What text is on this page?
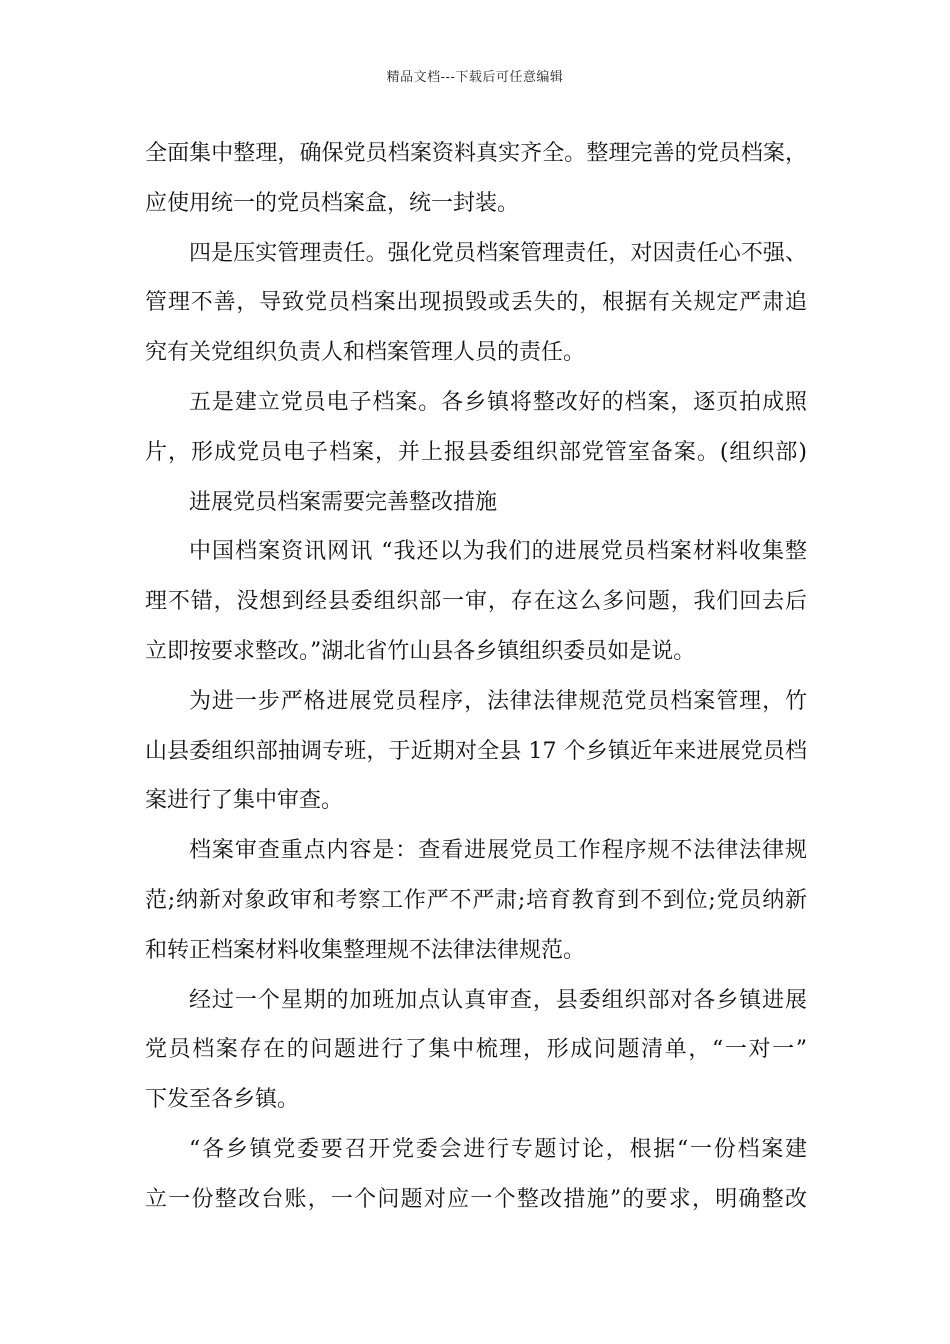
精品文档---下载后可任意编辑
全面集中整理，确保党员档案资料真实齐全。整理完善的党员档案，
应使用统一的党员档案盒，统一封装。
四是压实管理责任。强化党员档案管理责任，对因责任心不强、
管理不善，导致党员档案出现损毁或丢失的，根据有关规定严肃追
究有关党组织负责人和档案管理人员的责任。
五是建立党员电子档案。各乡镇将整改好的档案，逐页拍成照
片，形成党员电子档案，并上报县委组织部党管室备案。(组织部)
进展党员档案需要完善整改措施
中国档案资讯网讯 “我还以为我们的进展党员档案材料收集整
理不错，没想到经县委组织部一审，存在这么多问题，我们回去后
立即按要求整改。”湖北省竹山县各乡镇组织委员如是说。
为进一步严格进展党员程序，法律法律规范党员档案管理，竹
山县委组织部抽调专班，于近期对全县 17 个乡镇近年来进展党员档
案进行了集中审查。
档案审查重点内容是：查看进展党员工作程序规不法律法律规
范;纳新对象政审和考察工作严不严肃;培育教育到不到位;党员纳新
和转正档案材料收集整理规不法律法律规范。
经过一个星期的加班加点认真审查，县委组织部对各乡镇进展
党员档案存在的问题进行了集中梳理，形成问题清单，“一对一”
下发至各乡镇。
“各乡镇党委要召开党委会进行专题讨论，根据“一份档案建
立一份整改台账，一个问题对应一个整改措施”的要求，明确整改
